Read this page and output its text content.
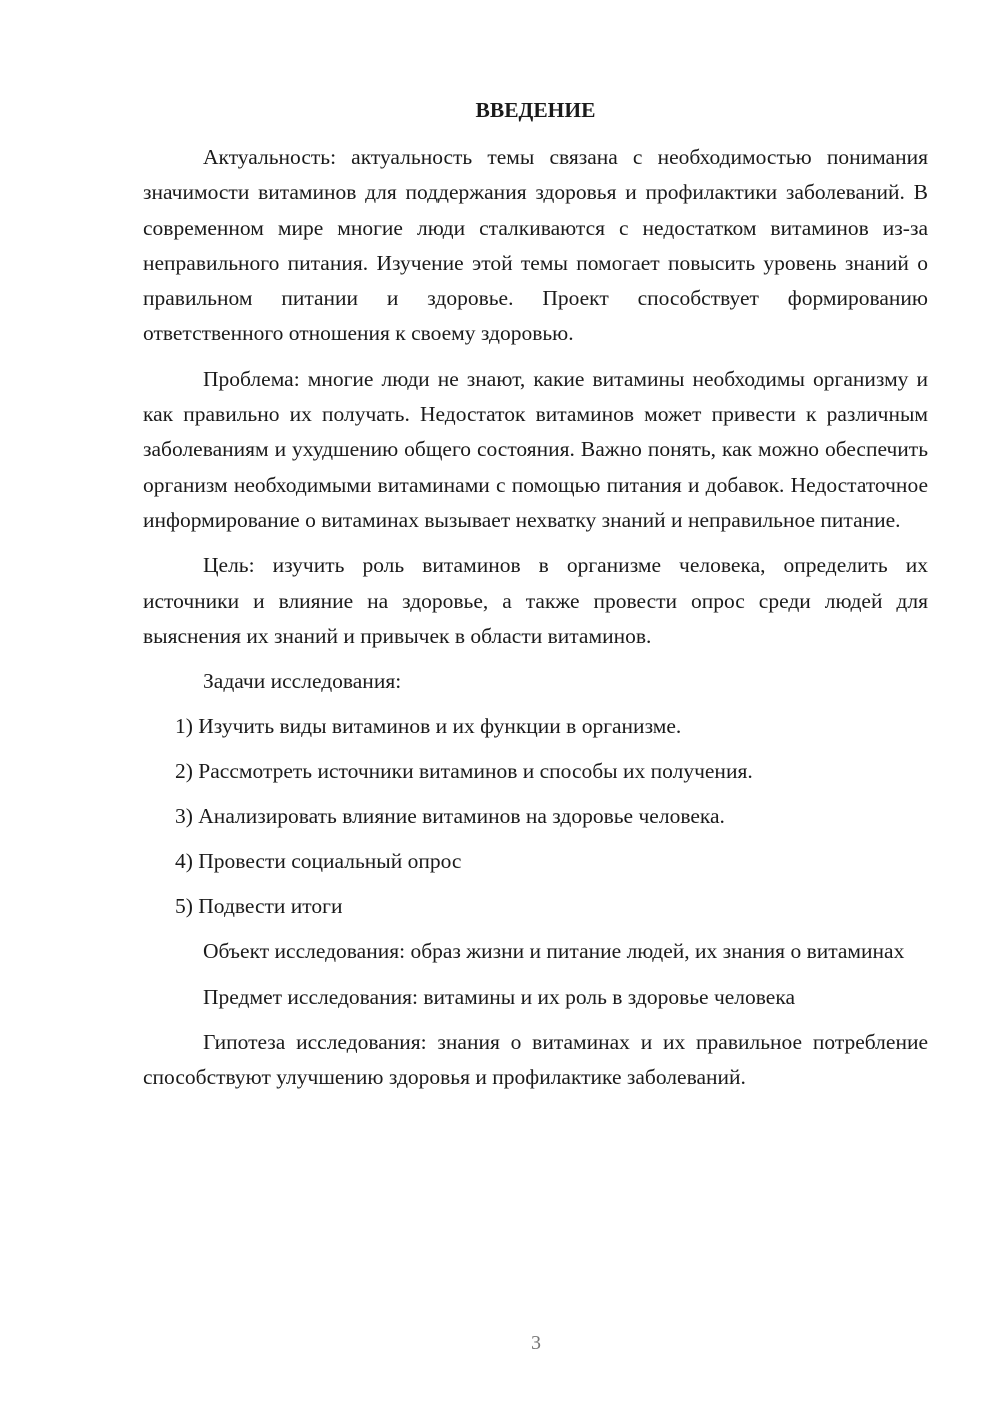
ВВЕДЕНИЕ

Актуальность: актуальность темы связана с необходимостью понимания значимости витаминов для поддержания здоровья и профилактики заболеваний. В современном мире многие люди сталкиваются с недостатком витаминов из-за неправильного питания. Изучение этой темы помогает повысить уровень знаний о правильном питании и здоровье. Проект способствует формированию ответственного отношения к своему здоровью.

Проблема: многие люди не знают, какие витамины необходимы организму и как правильно их получать. Недостаток витаминов может привести к различным заболеваниям и ухудшению общего состояния. Важно понять, как можно обеспечить организм необходимыми витаминами с помощью питания и добавок. Недостаточное информирование о витаминах вызывает нехватку знаний и неправильное питание.

Цель: изучить роль витаминов в организме человека, определить их источники и влияние на здоровье, а также провести опрос среди людей для выяснения их знаний и привычек в области витаминов.

Задачи исследования:

1) Изучить виды витаминов и их функции в организме.
2) Рассмотреть источники витаминов и способы их получения.
3) Анализировать влияние витаминов на здоровье человека.
4) Провести социальный опрос
5) Подвести итоги

Объект исследования: образ жизни и питание людей, их знания о витаминах

Предмет исследования: витамины и их роль в здоровье человека

Гипотеза исследования: знания о витаминах и их правильное потребление способствуют улучшению здоровья и профилактике заболеваний.

3
